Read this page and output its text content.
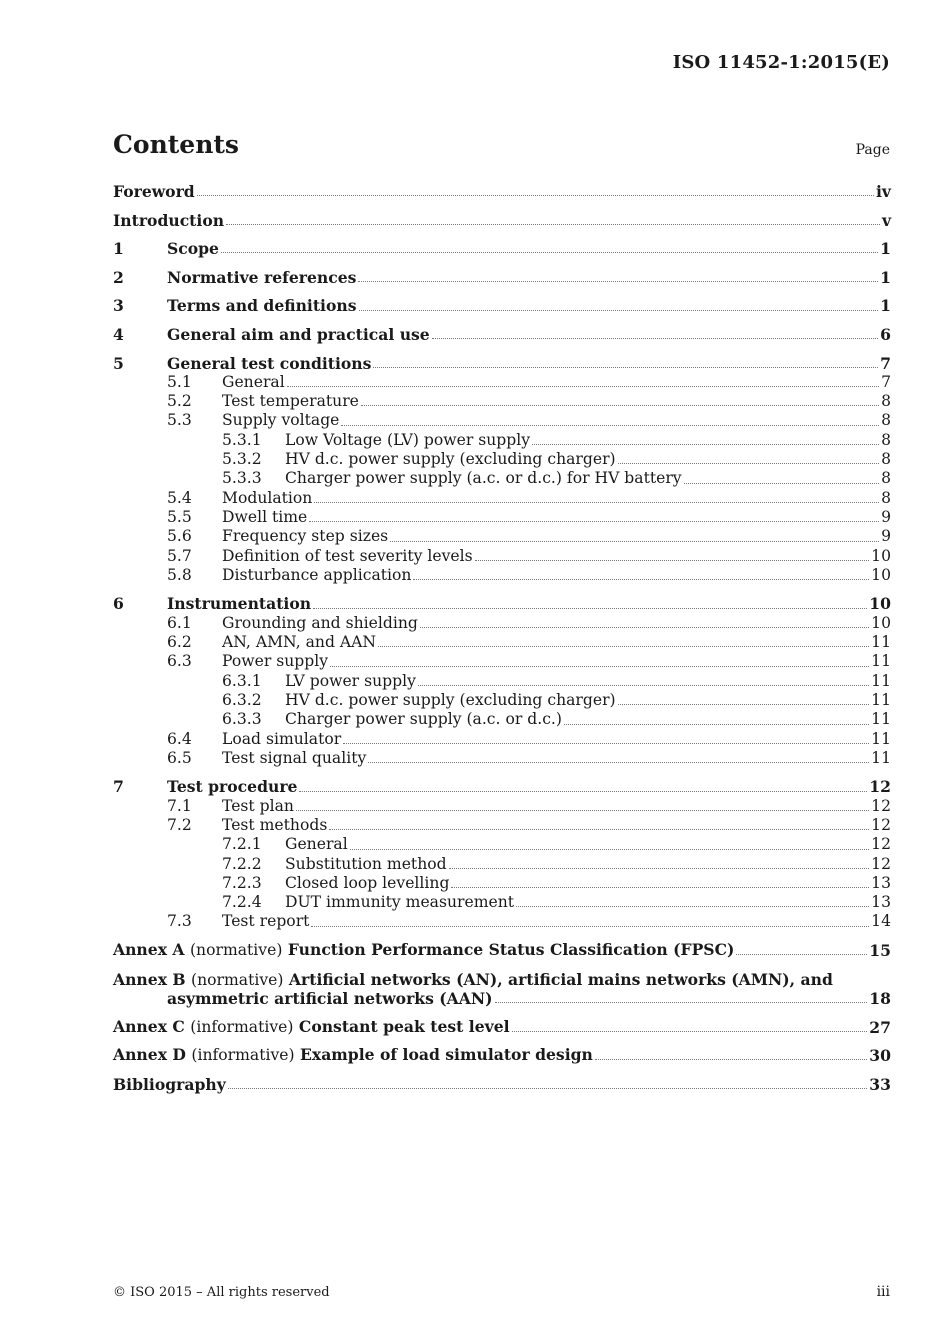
ISO 11452-1:2015(E)
Contents	Page
Foreword	iv
Introduction	v
1	Scope	1
2	Normative references	1
3	Terms and definitions	1
4	General aim and practical use	6
5	General test conditions	7
5.1	General	7
5.2	Test temperature	8
5.3	Supply voltage	8
5.3.1	Low Voltage (LV) power supply	8
5.3.2	HV d.c. power supply (excluding charger)	8
5.3.3	Charger power supply (a.c. or d.c.) for HV battery	8
5.4	Modulation	8
5.5	Dwell time	9
5.6	Frequency step sizes	9
5.7	Definition of test severity levels	10
5.8	Disturbance application	10
6	Instrumentation	10
6.1	Grounding and shielding	10
6.2	AN, AMN, and AAN	11
6.3	Power supply	11
6.3.1	LV power supply	11
6.3.2	HV d.c. power supply (excluding charger)	11
6.3.3	Charger power supply (a.c. or d.c.)	11
6.4	Load simulator	11
6.5	Test signal quality	11
7	Test procedure	12
7.1	Test plan	12
7.2	Test methods	12
7.2.1	General	12
7.2.2	Substitution method	12
7.2.3	Closed loop levelling	13
7.2.4	DUT immunity measurement	13
7.3	Test report	14
Annex A (normative) Function Performance Status Classification (FPSC)	15
Annex B (normative) Artificial networks (AN), artificial mains networks (AMN), and
asymmetric artificial networks (AAN)	18
Annex C (informative) Constant peak test level	27
Annex D (informative) Example of load simulator design	30
Bibliography	33
© ISO 2015 – All rights reserved	iii
